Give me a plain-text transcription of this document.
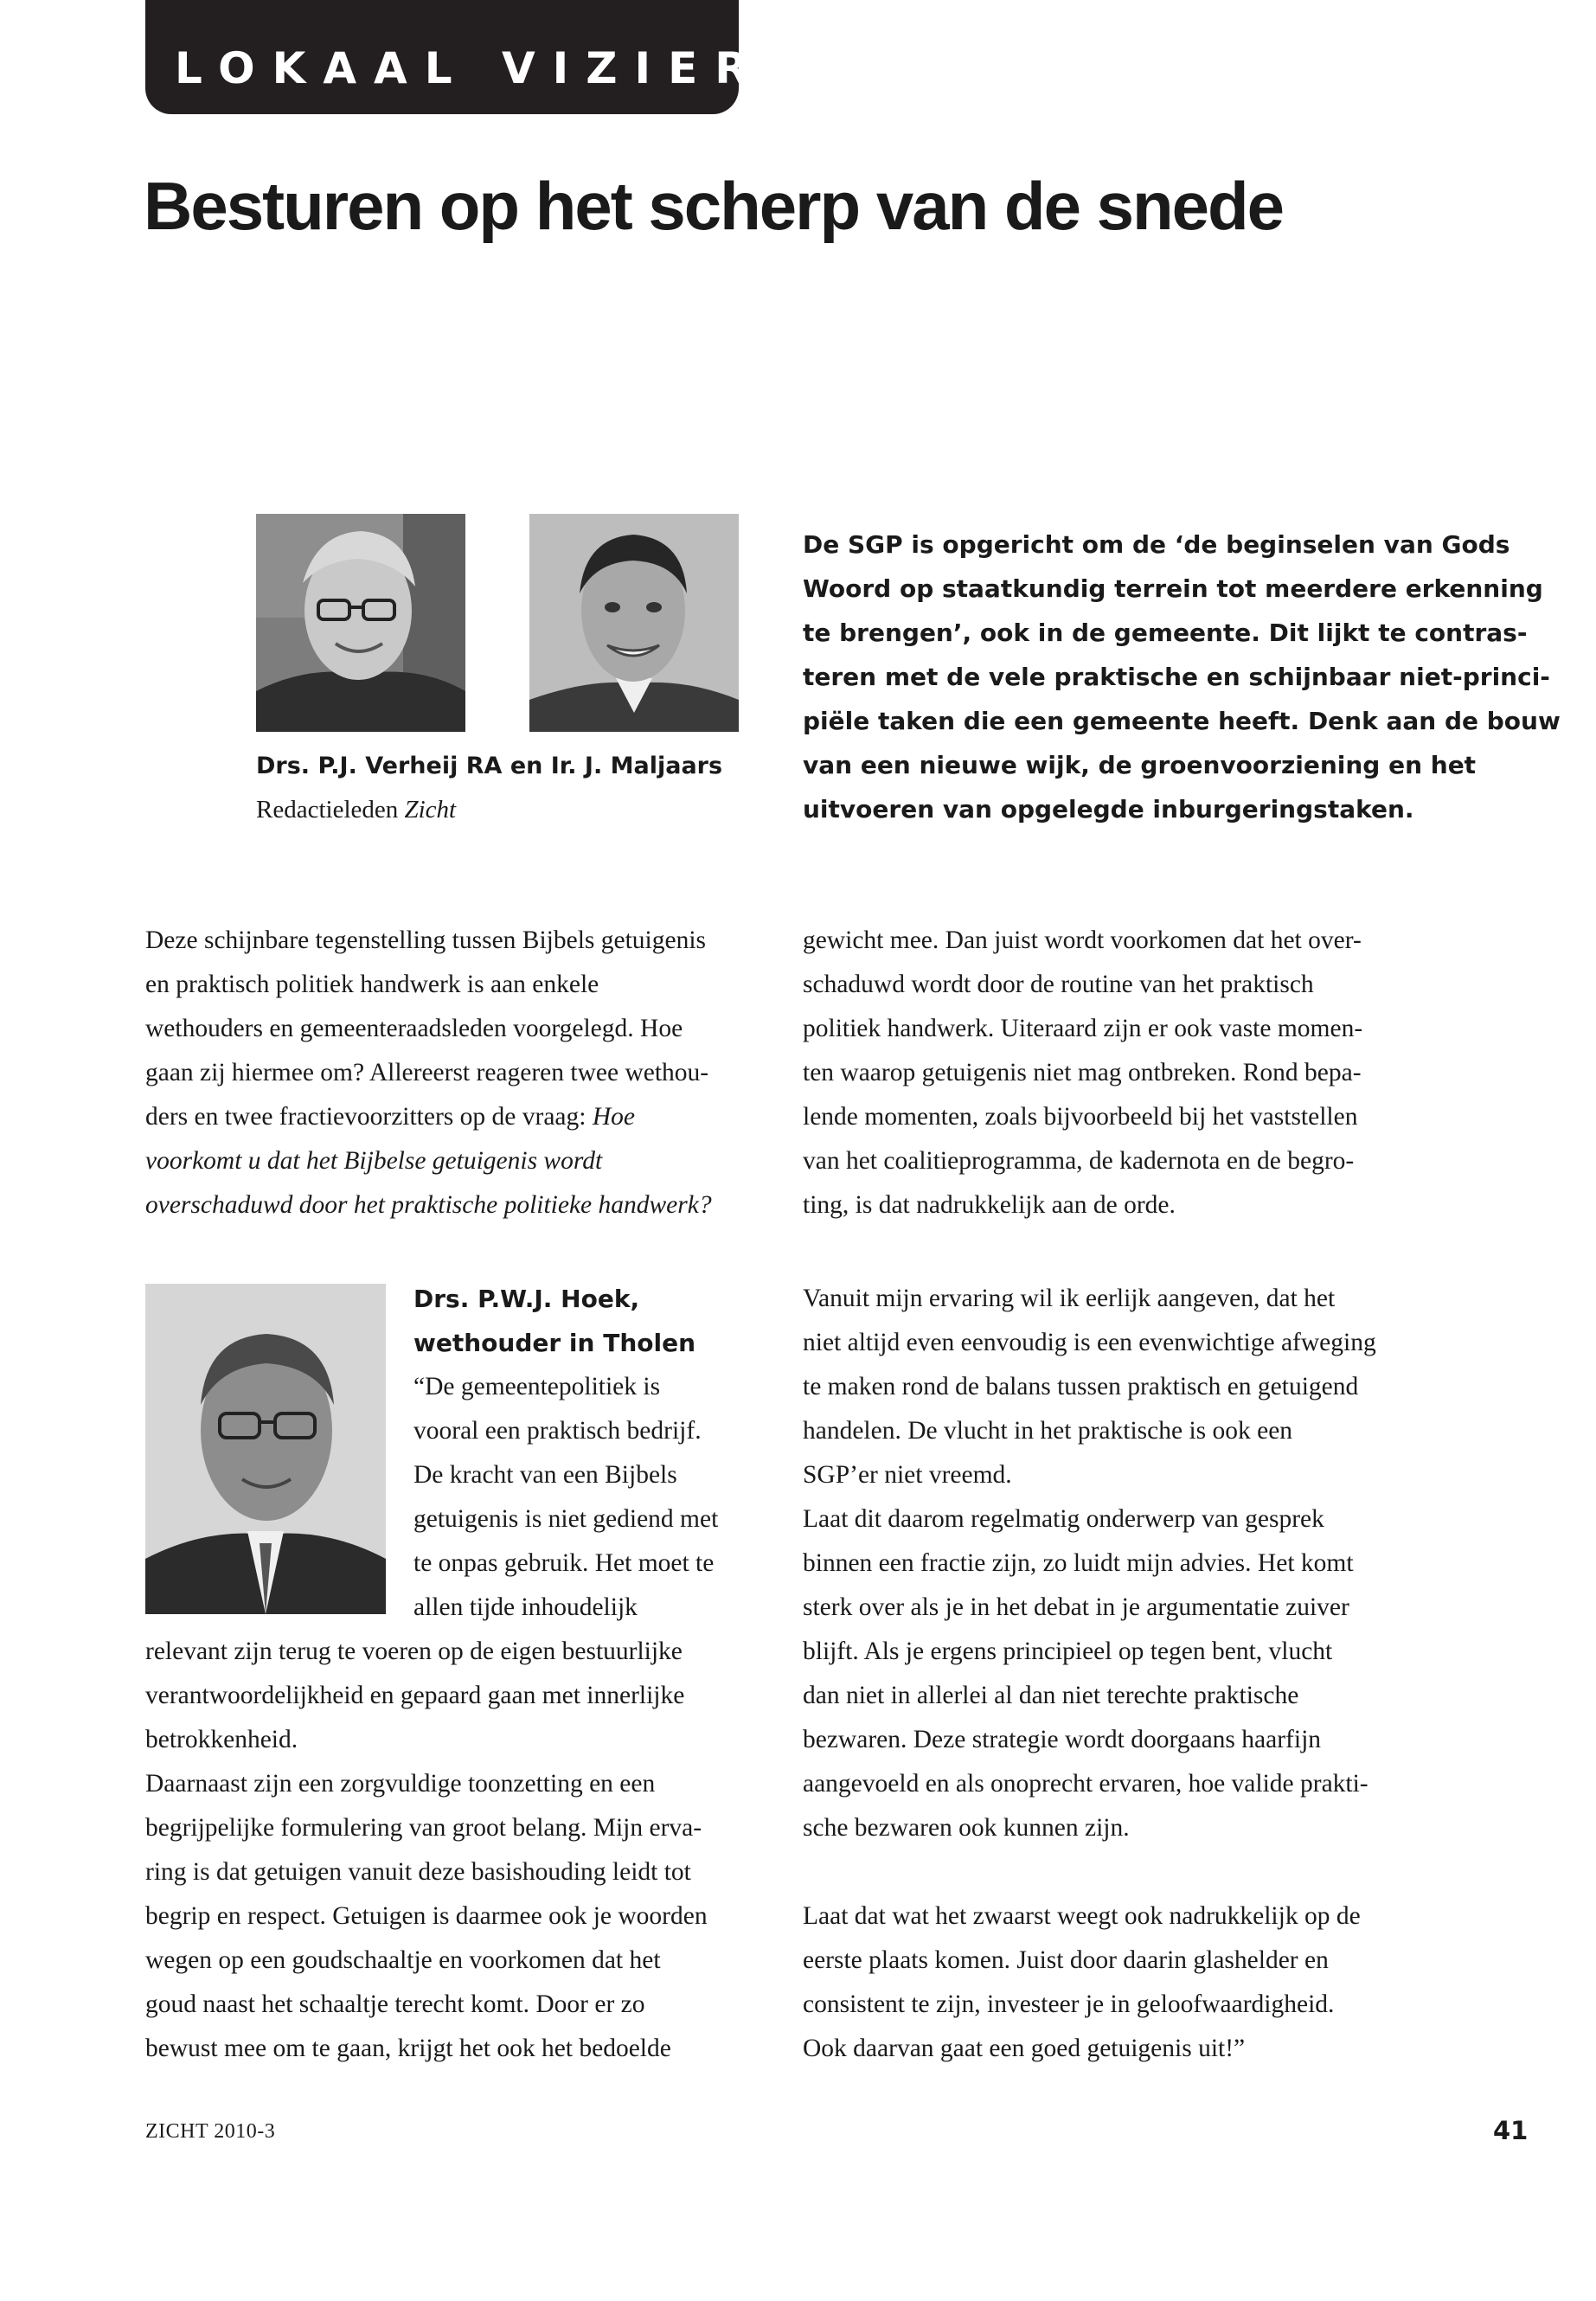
LOKAAL VIZIER
Besturen op het scherp van de snede
Drs. P.J. Verheij RA en Ir. J. Maljaars
Redactieleden Zicht
De SGP is opgericht om de ‘de beginselen van Gods
Woord op staatkundig terrein tot meerdere erkenning
te brengen’, ook in de gemeente. Dit lijkt te contras-
teren met de vele praktische en schijnbaar niet-princi-
piële taken die een gemeente heeft. Denk aan de bouw
van een nieuwe wijk, de groenvoorziening en het
uitvoeren van opgelegde inburgeringstaken.
Deze schijnbare tegenstelling tussen Bijbels getuigenis
en praktisch politiek handwerk is aan enkele
wethouders en gemeenteraadsleden voorgelegd. Hoe
gaan zij hiermee om? Allereerst reageren twee wethou-
ders en twee fractievoorzitters op de vraag: Hoe
voorkomt u dat het Bijbelse getuigenis wordt
overschaduwd door het praktische politieke handwerk?
Drs. P.W.J. Hoek,
wethouder in Tholen
“De gemeentepolitiek is
vooral een praktisch bedrijf.
De kracht van een Bijbels
getuigenis is niet gediend met
te onpas gebruik. Het moet te
allen tijde inhoudelijk
relevant zijn terug te voeren op de eigen bestuurlijke
verantwoordelijkheid en gepaard gaan met innerlijke
betrokkenheid.
Daarnaast zijn een zorgvuldige toonzetting en een
begrijpelijke formulering van groot belang. Mijn erva-
ring is dat getuigen vanuit deze basishouding leidt tot
begrip en respect. Getuigen is daarmee ook je woorden
wegen op een goudschaaltje en voorkomen dat het
goud naast het schaaltje terecht komt. Door er zo
bewust mee om te gaan, krijgt het ook het bedoelde
gewicht mee. Dan juist wordt voorkomen dat het over-
schaduwd wordt door de routine van het praktisch
politiek handwerk. Uiteraard zijn er ook vaste momen-
ten waarop getuigenis niet mag ontbreken. Rond bepa-
lende momenten, zoals bijvoorbeeld bij het vaststellen
van het coalitieprogramma, de kadernota en de begro-
ting, is dat nadrukkelijk aan de orde.
Vanuit mijn ervaring wil ik eerlijk aangeven, dat het
niet altijd even eenvoudig is een evenwichtige afweging
te maken rond de balans tussen praktisch en getuigend
handelen. De vlucht in het praktische is ook een
SGP’er niet vreemd.
Laat dit daarom regelmatig onderwerp van gesprek
binnen een fractie zijn, zo luidt mijn advies. Het komt
sterk over als je in het debat in je argumentatie zuiver
blijft. Als je ergens principieel op tegen bent, vlucht
dan niet in allerlei al dan niet terechte praktische
bezwaren. Deze strategie wordt doorgaans haarfijn
aangevoeld en als onoprecht ervaren, hoe valide prakti-
sche bezwaren ook kunnen zijn.
Laat dat wat het zwaarst weegt ook nadrukkelijk op de
eerste plaats komen. Juist door daarin glashelder en
consistent te zijn, investeer je in geloofwaardigheid.
Ook daarvan gaat een goed getuigenis uit!”
ZICHT 2010-3	41
